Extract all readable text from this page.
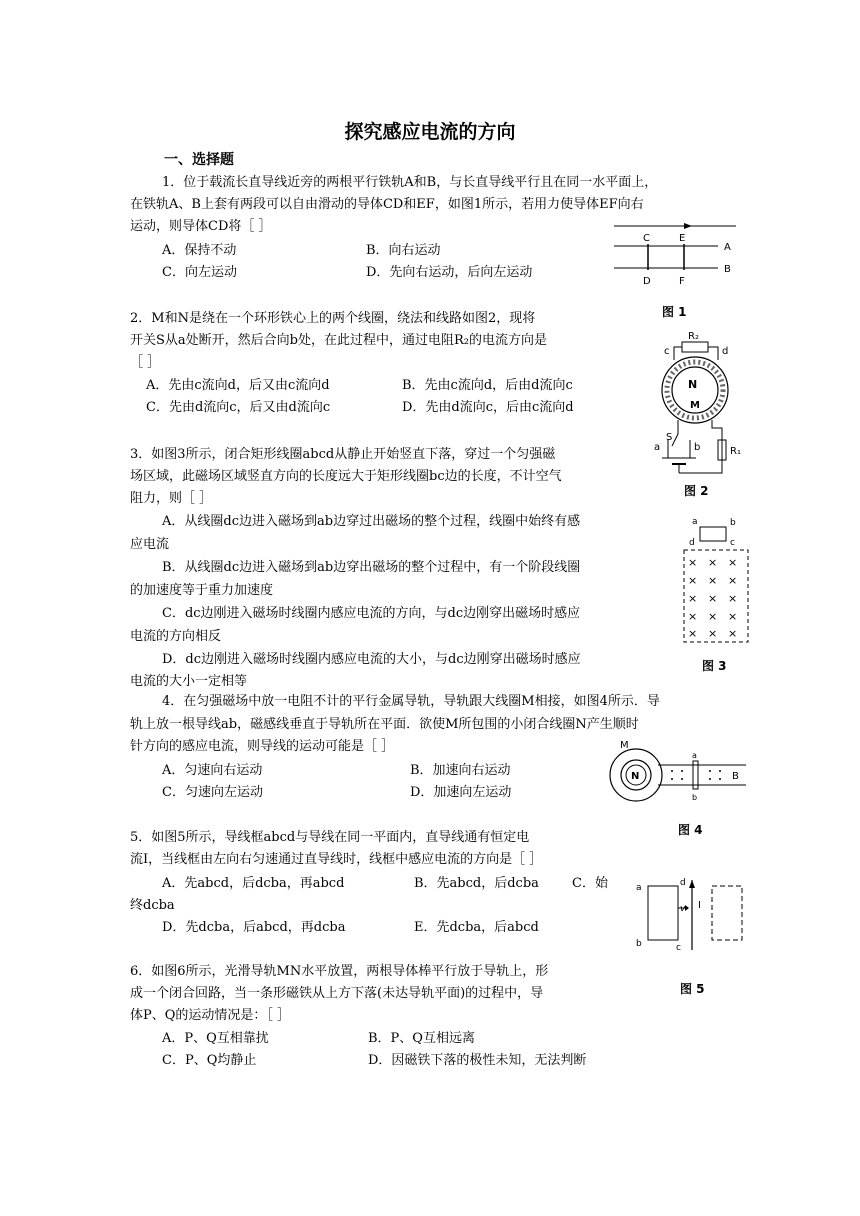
探究感应电流的方向
一、选择题
1．位于载流长直导线近旁的两根平行铁轨A和B，与长直导线平行且在同一水平面上，
在铁轨A、B上套有两段可以自由滑动的导体CD和EF，如图1所示，若用力使导体EF向右
运动，则导体CD将［ ］
A．保持不动	B．向右运动
C．向左运动	D．先向右运动，后向左运动
C	E
A
B
D	F
图 1
2．M和N是绕在一个环形铁心上的两个线圈，绕法和线路如图2，现将
开关S从a处断开，然后合向b处，在此过程中，通过电阻R₂的电流方向是
［ ］
A．先由c流向d，后又由c流向d	B．先由c流向d，后由d流向c
C．先由d流向c，后又由d流向c	D．先由d流向c，后由c流向d
R₂
c	d
N
M
S
a	b	R₁
图 2
3．如图3所示，闭合矩形线圈abcd从静止开始竖直下落，穿过一个匀强磁
场区域，此磁场区域竖直方向的长度远大于矩形线圈bc边的长度，不计空气
阻力，则［ ］
A．从线圈dc边进入磁场到ab边穿过出磁场的整个过程，线圈中始终有感
应电流
B．从线圈dc边进入磁场到ab边穿出磁场的整个过程中，有一个阶段线圈
的加速度等于重力加速度
C．dc边刚进入磁场时线圈内感应电流的方向，与dc边刚穿出磁场时感应
电流的方向相反
D．dc边刚进入磁场时线圈内感应电流的大小，与dc边刚穿出磁场时感应
电流的大小一定相等
a	b
d	c
× × ×
× × ×
× × ×
× × ×
× × ×
图 3
4．在匀强磁场中放一电阻不计的平行金属导轨，导轨跟大线圈M相接，如图4所示．导
轨上放一根导线ab，磁感线垂直于导轨所在平面．欲使M所包围的小闭合线圈N产生顺时
针方向的感应电流，则导线的运动可能是［ ］
A．匀速向右运动	B．加速向右运动
C．匀速向左运动	D．加速向左运动
M
N
a
b
B
图 4
5．如图5所示，导线框abcd与导线在同一平面内，直导线通有恒定电
流I，当线框由左向右匀速通过直导线时，线框中感应电流的方向是［ ］
A．先abcd，后dcba，再abcd	B．先abcd，后dcba	C．始
终dcba
D．先dcba，后abcd，再dcba	E．先dcba，后abcd
a	d
v I
b	c
图 5
6．如图6所示，光滑导轨MN水平放置，两根导体棒平行放于导轨上，形
成一个闭合回路，当一条形磁铁从上方下落(未达导轨平面)的过程中，导
体P、Q的运动情况是：［ ］
A．P、Q互相靠扰	B．P、Q互相远离
C．P、Q均静止	D．因磁铁下落的极性未知，无法判断
